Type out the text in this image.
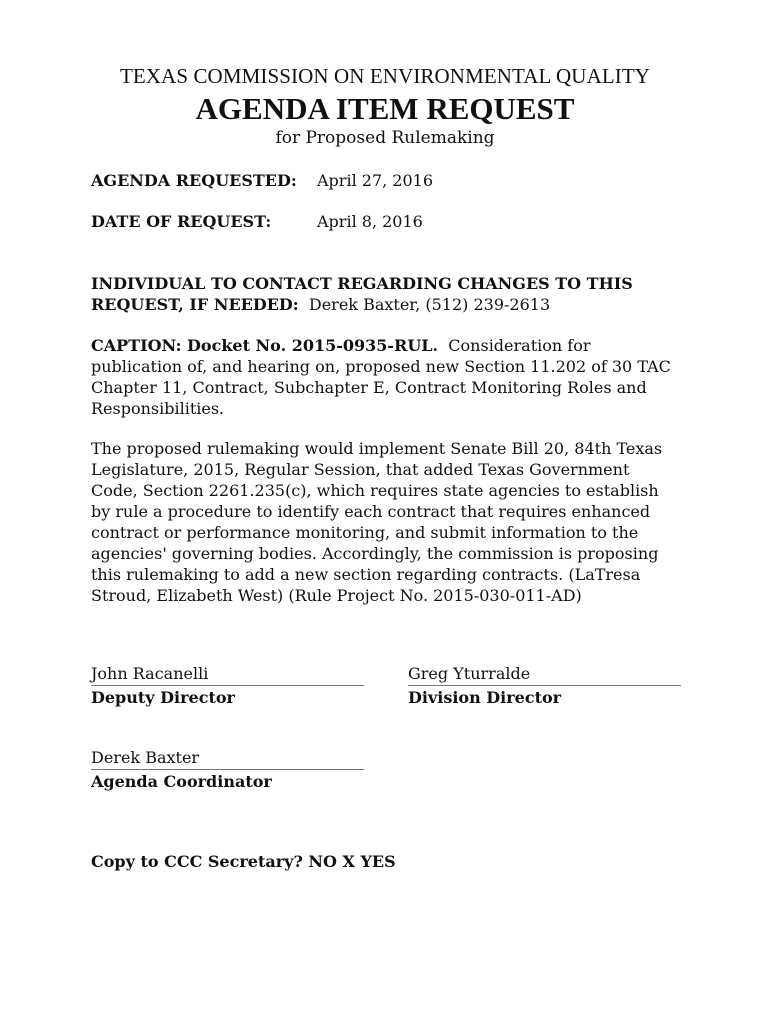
TEXAS COMMISSION ON ENVIRONMENTAL QUALITY
AGENDA ITEM REQUEST
for Proposed Rulemaking
AGENDA REQUESTED: April 27, 2016
DATE OF REQUEST:	April 8, 2016
INDIVIDUAL TO CONTACT REGARDING CHANGES TO THIS REQUEST, IF NEEDED: Derek Baxter, (512) 239-2613
CAPTION: Docket No. 2015-0935-RUL. Consideration for publication of, and hearing on, proposed new Section 11.202 of 30 TAC Chapter 11, Contract, Subchapter E, Contract Monitoring Roles and Responsibilities.
The proposed rulemaking would implement Senate Bill 20, 84th Texas Legislature, 2015, Regular Session, that added Texas Government Code, Section 2261.235(c), which requires state agencies to establish by rule a procedure to identify each contract that requires enhanced contract or performance monitoring, and submit information to the agencies' governing bodies. Accordingly, the commission is proposing this rulemaking to add a new section regarding contracts. (LaTresa Stroud, Elizabeth West) (Rule Project No. 2015-030-011-AD)
John Racanelli
Deputy Director
Greg Yturralde
Division Director
Derek Baxter
Agenda Coordinator
Copy to CCC Secretary? NO X YES
